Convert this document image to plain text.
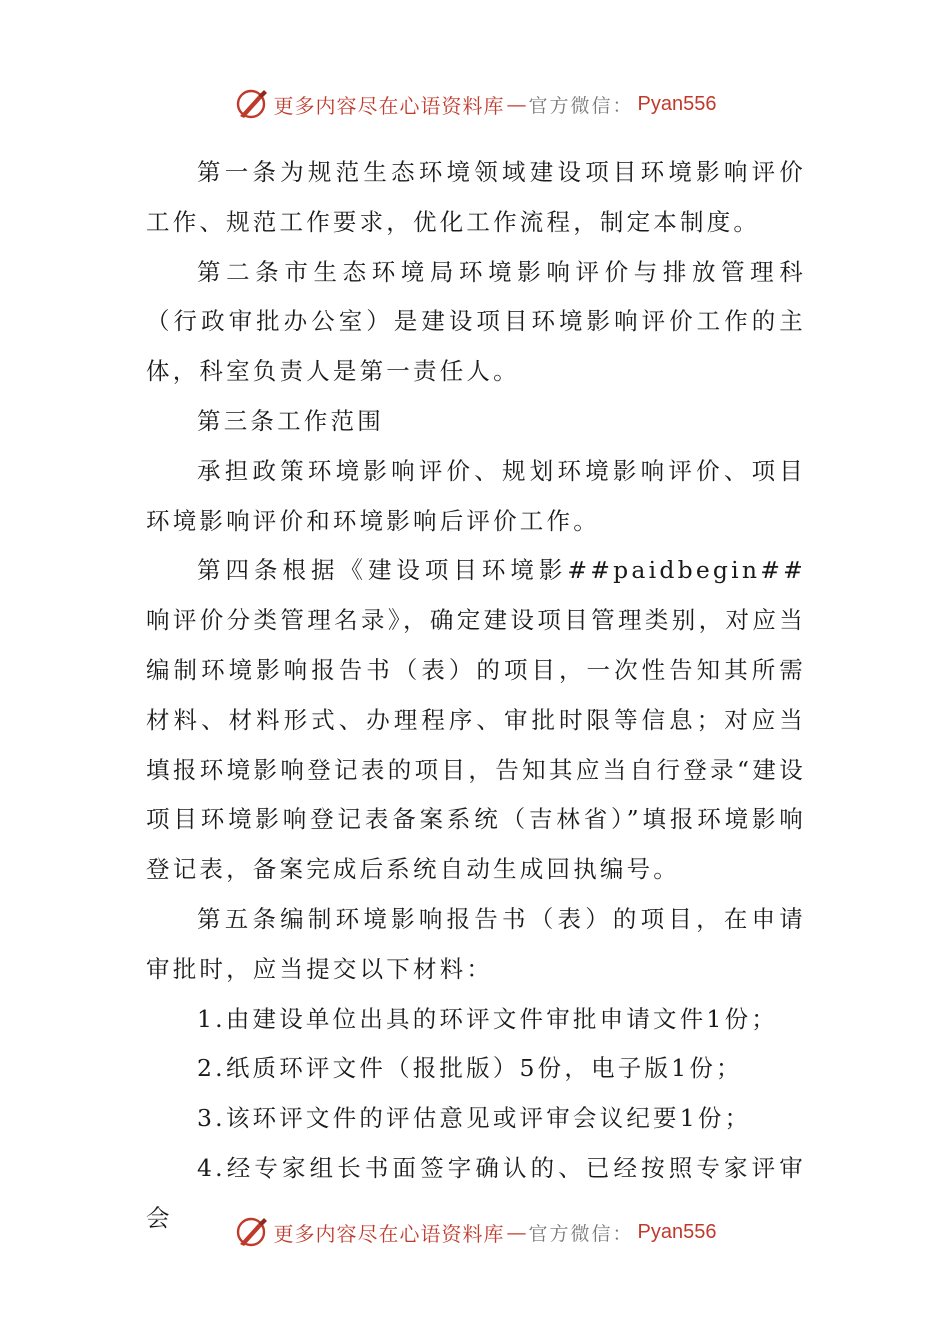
更多内容尽在心语资料库 — 官方微信： Pyan556

第一条为规范生态环境领域建设项目环境影响评价工作、规范工作要求，优化工作流程，制定本制度。

第二条市生态环境局环境影响评价与排放管理科（行政审批办公室）是建设项目环境影响评价工作的主体，科室负责人是第一责任人。

第三条工作范围

承担政策环境影响评价、规划环境影响评价、项目环境影响评价和环境影响后评价工作。

第四条根据《建设项目环境影##paidbegin##响评价分类管理名录》，确定建设项目管理类别，对应当编制环境影响报告书（表）的项目，一次性告知其所需材料、材料形式、办理程序、审批时限等信息；对应当填报环境影响登记表的项目，告知其应当自行登录“建设项目环境影响登记表备案系统（吉林省）”填报环境影响登记表，备案完成后系统自动生成回执编号。

第五条编制环境影响报告书（表）的项目，在申请审批时，应当提交以下材料：

1.由建设单位出具的环评文件审批申请文件1份；

2.纸质环评文件（报批版）5份，电子版1份；

3.该环评文件的评估意见或评审会议纪要1份；

4.经专家组长书面签字确认的、已经按照专家评审会

更多内容尽在心语资料库 — 官方微信： Pyan556
